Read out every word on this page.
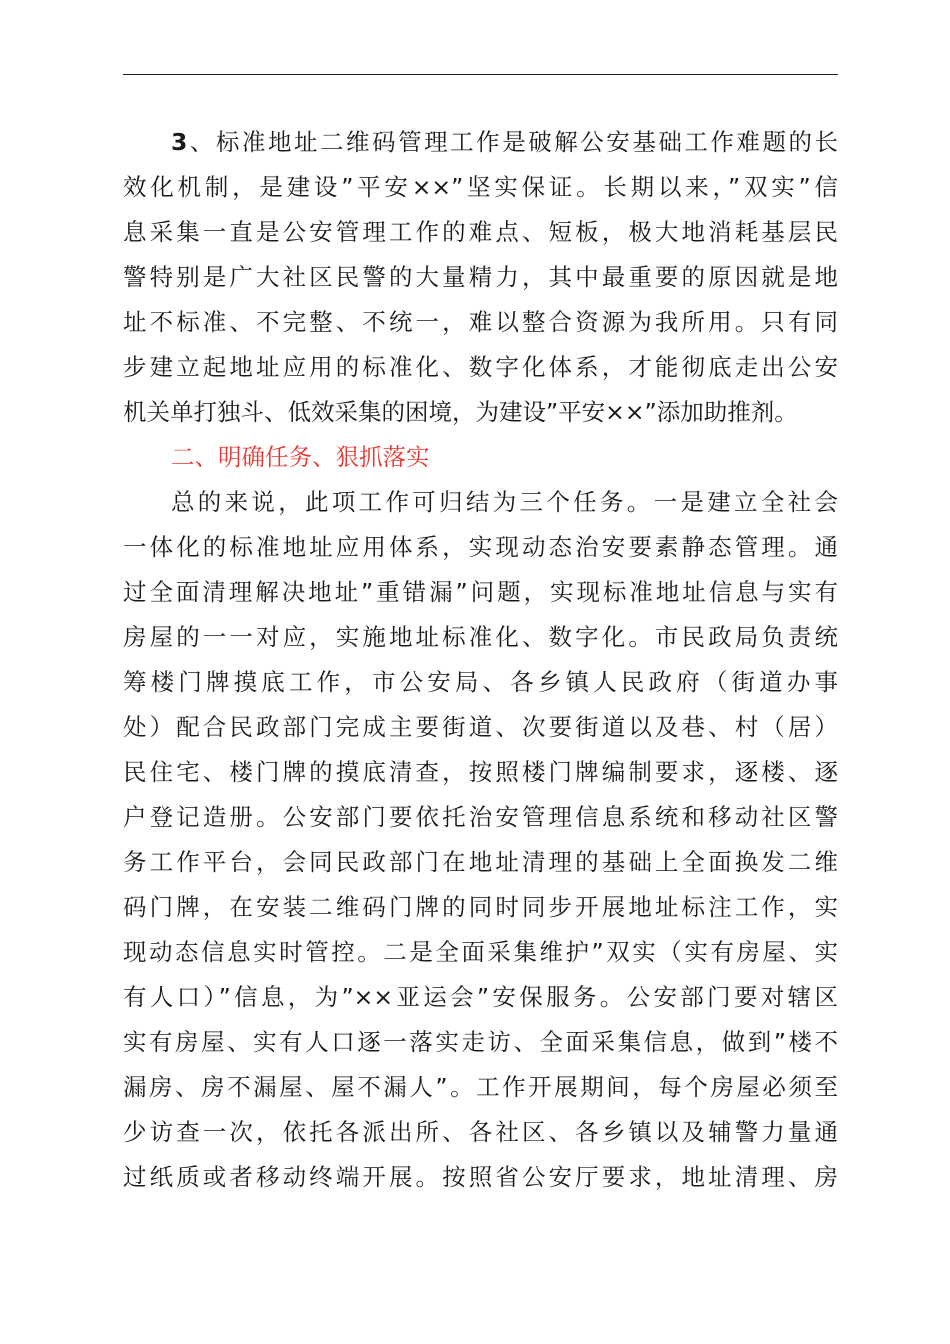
3、标准地址二维码管理工作是破解公安基础工作难题的长
效化机制，是建设”平安××”坚实保证。长期以来，”双实”信
息采集一直是公安管理工作的难点、短板，极大地消耗基层民
警特别是广大社区民警的大量精力，其中最重要的原因就是地
址不标准、不完整、不统一，难以整合资源为我所用。只有同
步建立起地址应用的标准化、数字化体系，才能彻底走出公安
机关单打独斗、低效采集的困境，为建设”平安××”添加助推剂。
二、明确任务、狠抓落实
总的来说，此项工作可归结为三个任务。一是建立全社会
一体化的标准地址应用体系，实现动态治安要素静态管理。通
过全面清理解决地址”重错漏”问题，实现标准地址信息与实有
房屋的一一对应，实施地址标准化、数字化。市民政局负责统
筹楼门牌摸底工作，市公安局、各乡镇人民政府（街道办事
处）配合民政部门完成主要街道、次要街道以及巷、村（居）
民住宅、楼门牌的摸底清查，按照楼门牌编制要求，逐楼、逐
户登记造册。公安部门要依托治安管理信息系统和移动社区警
务工作平台，会同民政部门在地址清理的基础上全面换发二维
码门牌，在安装二维码门牌的同时同步开展地址标注工作，实
现动态信息实时管控。二是全面采集维护”双实（实有房屋、实
有人口）”信息，为”××亚运会”安保服务。公安部门要对辖区
实有房屋、实有人口逐一落实走访、全面采集信息，做到”楼不
漏房、房不漏屋、屋不漏人”。工作开展期间，每个房屋必须至
少访查一次，依托各派出所、各社区、各乡镇以及辅警力量通
过纸质或者移动终端开展。按照省公安厅要求，地址清理、房
